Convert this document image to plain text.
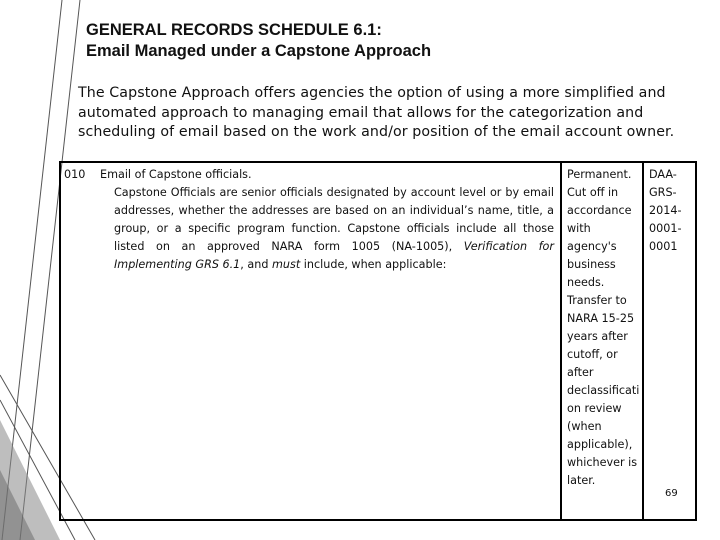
GENERAL RECORDS SCHEDULE 6.1:
Email Managed under a Capstone Approach
The Capstone Approach offers agencies the option of using a more simplified and automated approach to managing email that allows for the categorization and scheduling of email based on the work and/or position of the email account owner.
010 Email of Capstone officials.
Capstone Officials are senior officials designated by account level or by email addresses, whether the addresses are based on an individual’s name, title, a group, or a specific program function. Capstone officials include all those listed on an approved NARA form 1005 (NA-1005), Verification for Implementing GRS 6.1, and must include, when applicable:
Permanent.
Cut off in
accordance
with
agency's
business
needs.
Transfer to
NARA 15-25
years after
cutoff, or
after
declassificati
on review
(when
applicable),
whichever is
later.
DAA-
GRS-
2014-
0001-
0001
69
